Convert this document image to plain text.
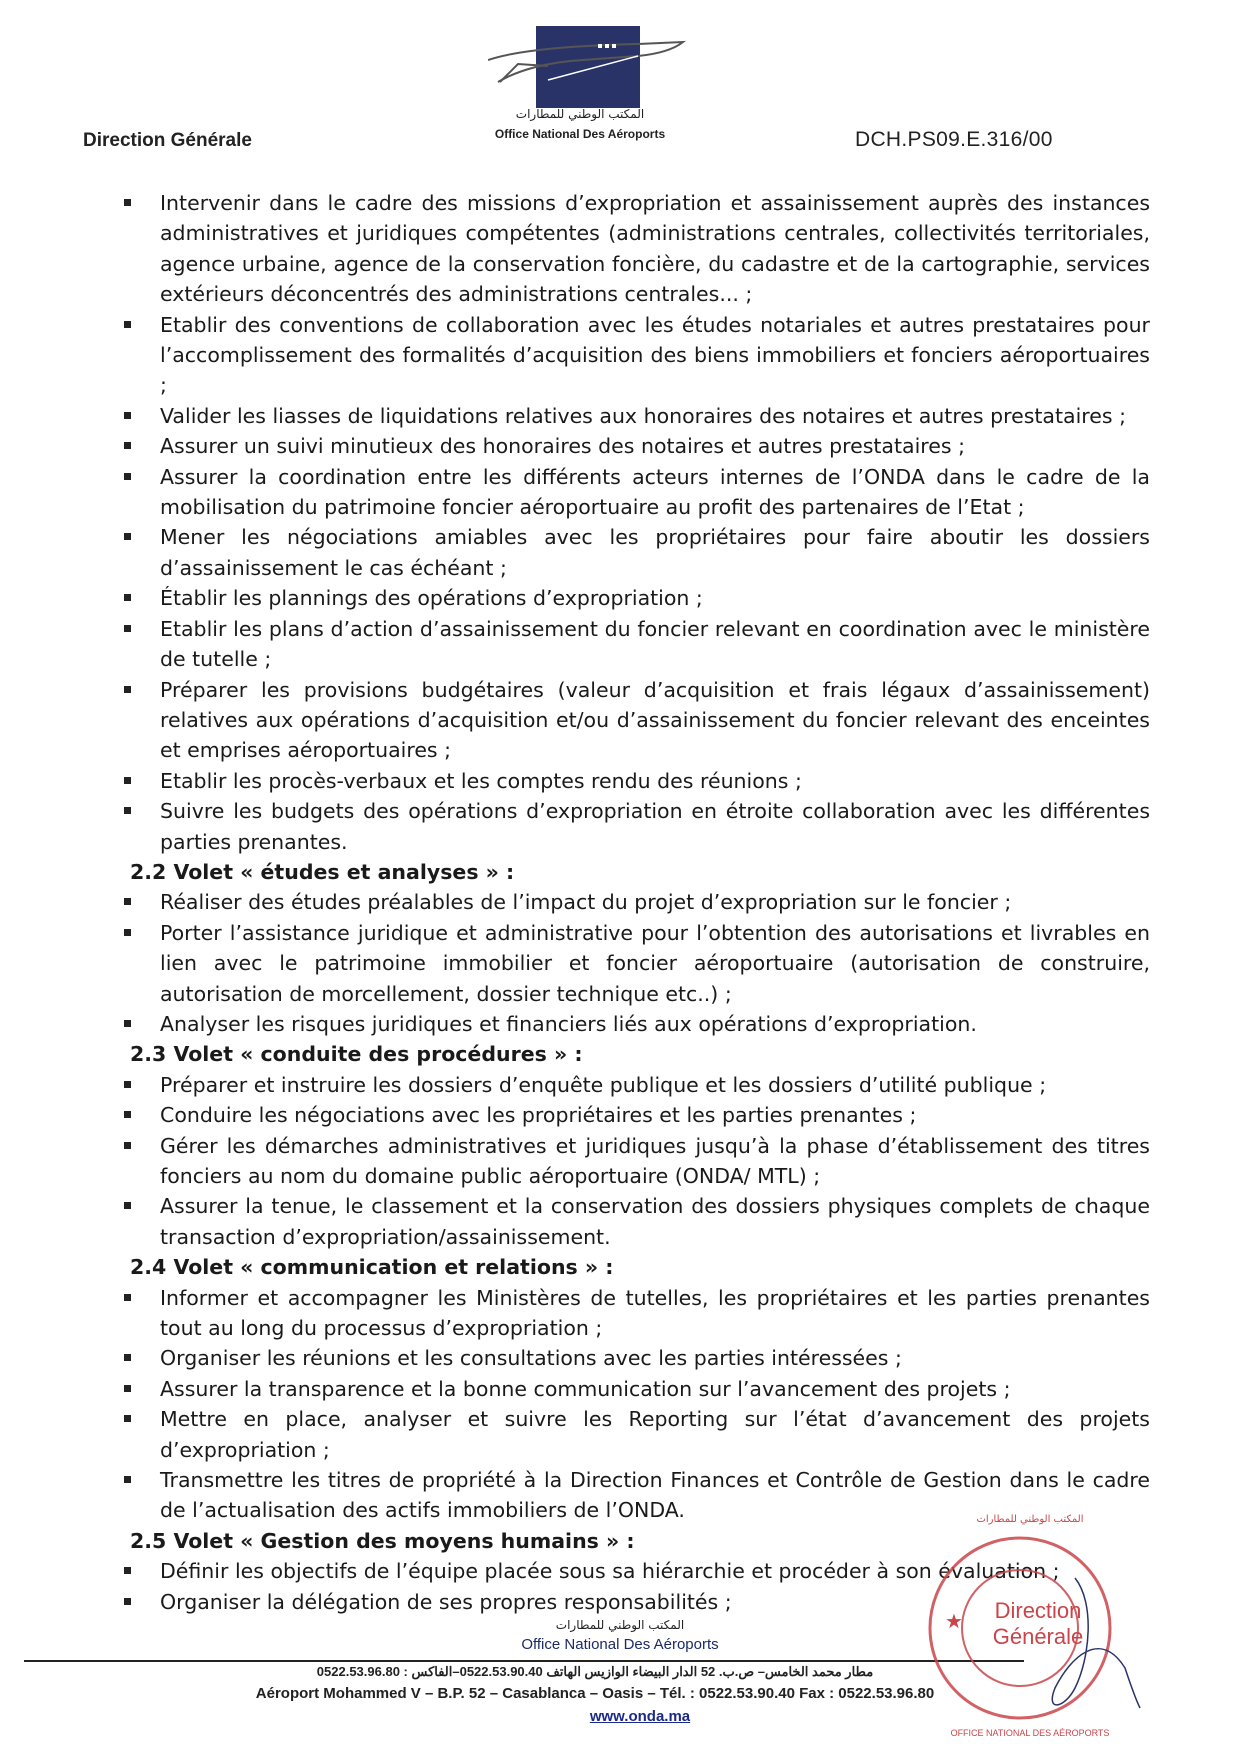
المكتب الوطني للمطارات
Office National Des Aéroports
Direction Générale	DCH.PS09.E.316/00
Intervenir dans le cadre des missions d’expropriation et assainissement auprès des instances administratives et juridiques compétentes (administrations centrales, collectivités territoriales, agence urbaine, agence de la conservation foncière, du cadastre et de la cartographie, services extérieurs déconcentrés des administrations centrales... ;
Etablir des conventions de collaboration avec les études notariales et autres prestataires pour l’accomplissement des formalités d’acquisition des biens immobiliers et fonciers aéroportuaires ;
Valider les liasses de liquidations relatives aux honoraires des notaires et autres prestataires ;
Assurer un suivi minutieux des honoraires des notaires et autres prestataires ;
Assurer la coordination entre les différents acteurs internes de l’ONDA dans le cadre de la mobilisation du patrimoine foncier aéroportuaire au profit des partenaires de l’Etat ;
Mener les négociations amiables avec les propriétaires pour faire aboutir les dossiers d’assainissement le cas échéant ;
Établir les plannings des opérations d’expropriation ;
Etablir les plans d’action d’assainissement du foncier relevant en coordination avec le ministère de tutelle ;
Préparer les provisions budgétaires (valeur d’acquisition et frais légaux d’assainissement) relatives aux opérations d’acquisition et/ou d’assainissement du foncier relevant des enceintes et emprises aéroportuaires ;
Etablir les procès-verbaux et les comptes rendu des réunions ;
Suivre les budgets des opérations d’expropriation en étroite collaboration avec les différentes parties prenantes.
2.2 Volet « études et analyses » :
Réaliser des études préalables de l’impact du projet d’expropriation sur le foncier ;
Porter l’assistance juridique et administrative pour l’obtention des autorisations et livrables en lien avec le patrimoine immobilier et foncier aéroportuaire (autorisation de construire, autorisation de morcellement, dossier technique etc..) ;
Analyser les risques juridiques et financiers liés aux opérations d’expropriation.
2.3 Volet « conduite des procédures » :
Préparer et instruire les dossiers d’enquête publique et les dossiers d’utilité publique ;
Conduire les négociations avec les propriétaires et les parties prenantes ;
Gérer les démarches administratives et juridiques jusqu’à la phase d’établissement des titres fonciers au nom du domaine public aéroportuaire (ONDA/ MTL) ;
Assurer la tenue, le classement et la conservation des dossiers physiques complets de chaque transaction d’expropriation/assainissement.
2.4 Volet « communication et relations » :
Informer et accompagner les Ministères de tutelles, les propriétaires et les parties prenantes tout au long du processus d’expropriation ;
Organiser les réunions et les consultations avec les parties intéressées ;
Assurer la transparence et la bonne communication sur l’avancement des projets ;
Mettre en place, analyser et suivre les Reporting sur l’état d’avancement des projets d’expropriation ;
Transmettre les titres de propriété à la Direction Finances et Contrôle de Gestion dans le cadre de l’actualisation des actifs immobiliers de l’ONDA.
2.5 Volet « Gestion des moyens humains » :
Définir les objectifs de l’équipe placée sous sa hiérarchie et procéder à son évaluation ;
Organiser la délégation de ses propres responsabilités ;
المكتب الوطني للمطارات
Office National Des Aéroports
مطار محمد الخامس– ص.ب. 52 الدار البيضاء الوازيس الهاتف 0522.53.90.40–الفاكس : 0522.53.96.80
Aéroport Mohammed V – B.P. 52 – Casablanca – Oasis – Tél. : 0522.53.90.40 Fax : 0522.53.96.80
www.onda.ma
★	Direction
Générale
OFFICE NATIONAL DES AÉROPORTS
المكتب الوطني للمطارات
